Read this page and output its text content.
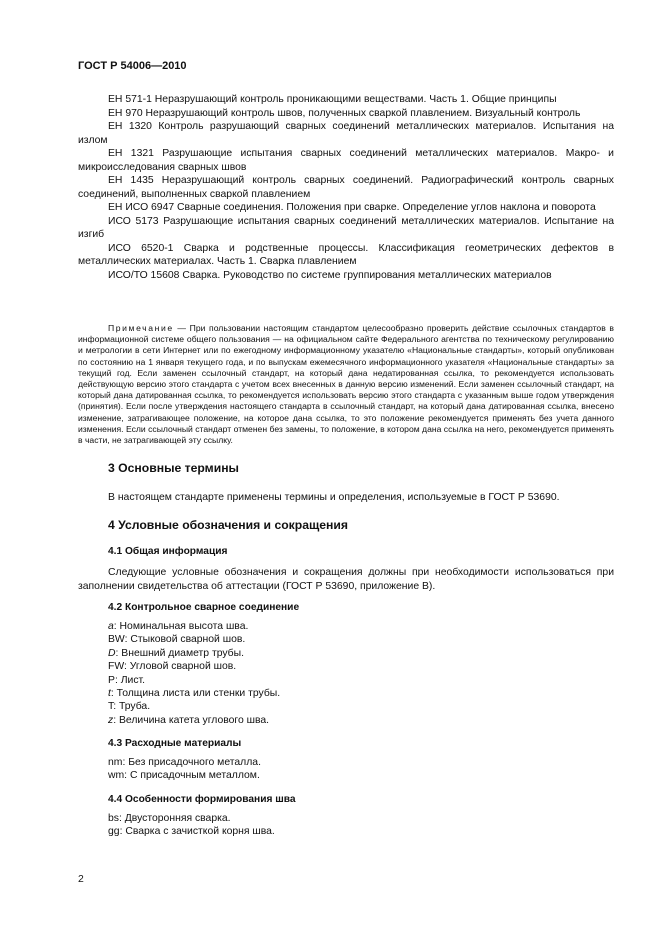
ГОСТ Р 54006—2010

ЕН 571-1 Неразрушающий контроль проникающими веществами. Часть 1. Общие принципы

ЕН 970 Неразрушающий контроль швов, полученных сваркой плавлением. Визуальный контроль

ЕН 1320 Контроль разрушающий сварных соединений металлических материалов. Испытания на излом

ЕН 1321 Разрушающие испытания сварных соединений металлических материалов. Макро- и микроисследования сварных швов

ЕН 1435 Неразрушающий контроль сварных соединений. Радиографический контроль сварных соединений, выполненных сваркой плавлением

ЕН ИСО 6947 Сварные соединения. Положения при сварке. Определение углов наклона и поворота

ИСО 5173 Разрушающие испытания сварных соединений металлических материалов. Испытание на изгиб

ИСО 6520-1 Сварка и родственные процессы. Классификация геометрических дефектов в металлических материалах. Часть 1. Сварка плавлением

ИСО/ТО 15608 Сварка. Руководство по системе группирования металлических материалов

Примечание — При пользовании настоящим стандартом целесообразно проверить действие ссылочных стандартов в информационной системе общего пользования — на официальном сайте Федерального агентства по техническому регулированию и метрологии в сети Интернет или по ежегодному информационному указателю «Национальные стандарты», который опубликован по состоянию на 1 января текущего года, и по выпускам ежемесячного информационного указателя «Национальные стандарты» за текущий год. Если заменен ссылочный стандарт, на который дана недатированная ссылка, то рекомендуется использовать действующую версию этого стандарта с учетом всех внесенных в данную версию изменений. Если заменен ссылочный стандарт, на который дана датированная ссылка, то рекомендуется использовать версию этого стандарта с указанным выше годом утверждения (принятия). Если после утверждения настоящего стандарта в ссылочный стандарт, на который дана датированная ссылка, внесено изменение, затрагивающее положение, на которое дана ссылка, то это положение рекомендуется применять без учета данного изменения. Если ссылочный стандарт отменен без замены, то положение, в котором дана ссылка на него, рекомендуется применять в части, не затрагивающей эту ссылку.

3 Основные термины

В настоящем стандарте применены термины и определения, используемые в ГОСТ Р 53690.

4 Условные обозначения и сокращения
4.1 Общая информация

Следующие условные обозначения и сокращения должны при необходимости использоваться при заполнении свидетельства об аттестации (ГОСТ Р 53690, приложение В).

4.2 Контрольное сварное соединение
a: Номинальная высота шва.
BW: Стыковой сварной шов.
D: Внешний диаметр трубы.
FW: Угловой сварной шов.
P: Лист.
t: Толщина листа или стенки трубы.
T: Труба.
z: Величина катета углового шва.
4.3 Расходные материалы
nm: Без присадочного металла.
wm: С присадочным металлом.
4.4 Особенности формирования шва
bs: Двусторонняя сварка.
gg: Сварка с зачисткой корня шва.
2
